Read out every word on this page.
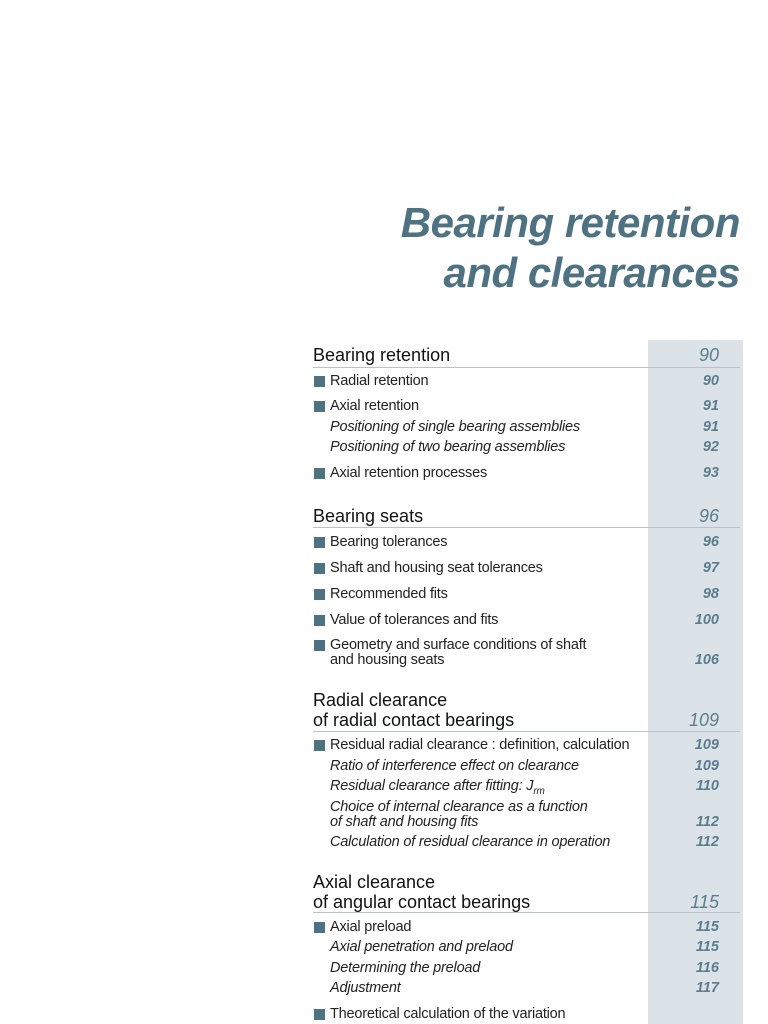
Bearing retention
and clearances
Bearing retention	90
Radial retention	90
Axial retention	91
Positioning of single bearing assemblies	91
Positioning of two bearing assemblies	92
Axial retention processes	93
Bearing seats	96
Bearing tolerances	96
Shaft and housing seat tolerances	97
Recommended fits	98
Value of tolerances and fits	100
Geometry and surface conditions of shaft
and housing seats	106
Radial clearance
of radial contact bearings	109
Residual radial clearance : definition, calculation	109
Ratio of interference effect on clearance	109
Residual clearance after fitting: $J_{rm}$	110
Choice of internal clearance as a function
of shaft and housing fits	112
Calculation of residual clearance in operation	112
Axial clearance
of angular contact bearings	115
Axial preload	115
Axial penetration and prelaod	115
Determining the preload	116
Adjustment	117
Theoretical calculation of the variation
